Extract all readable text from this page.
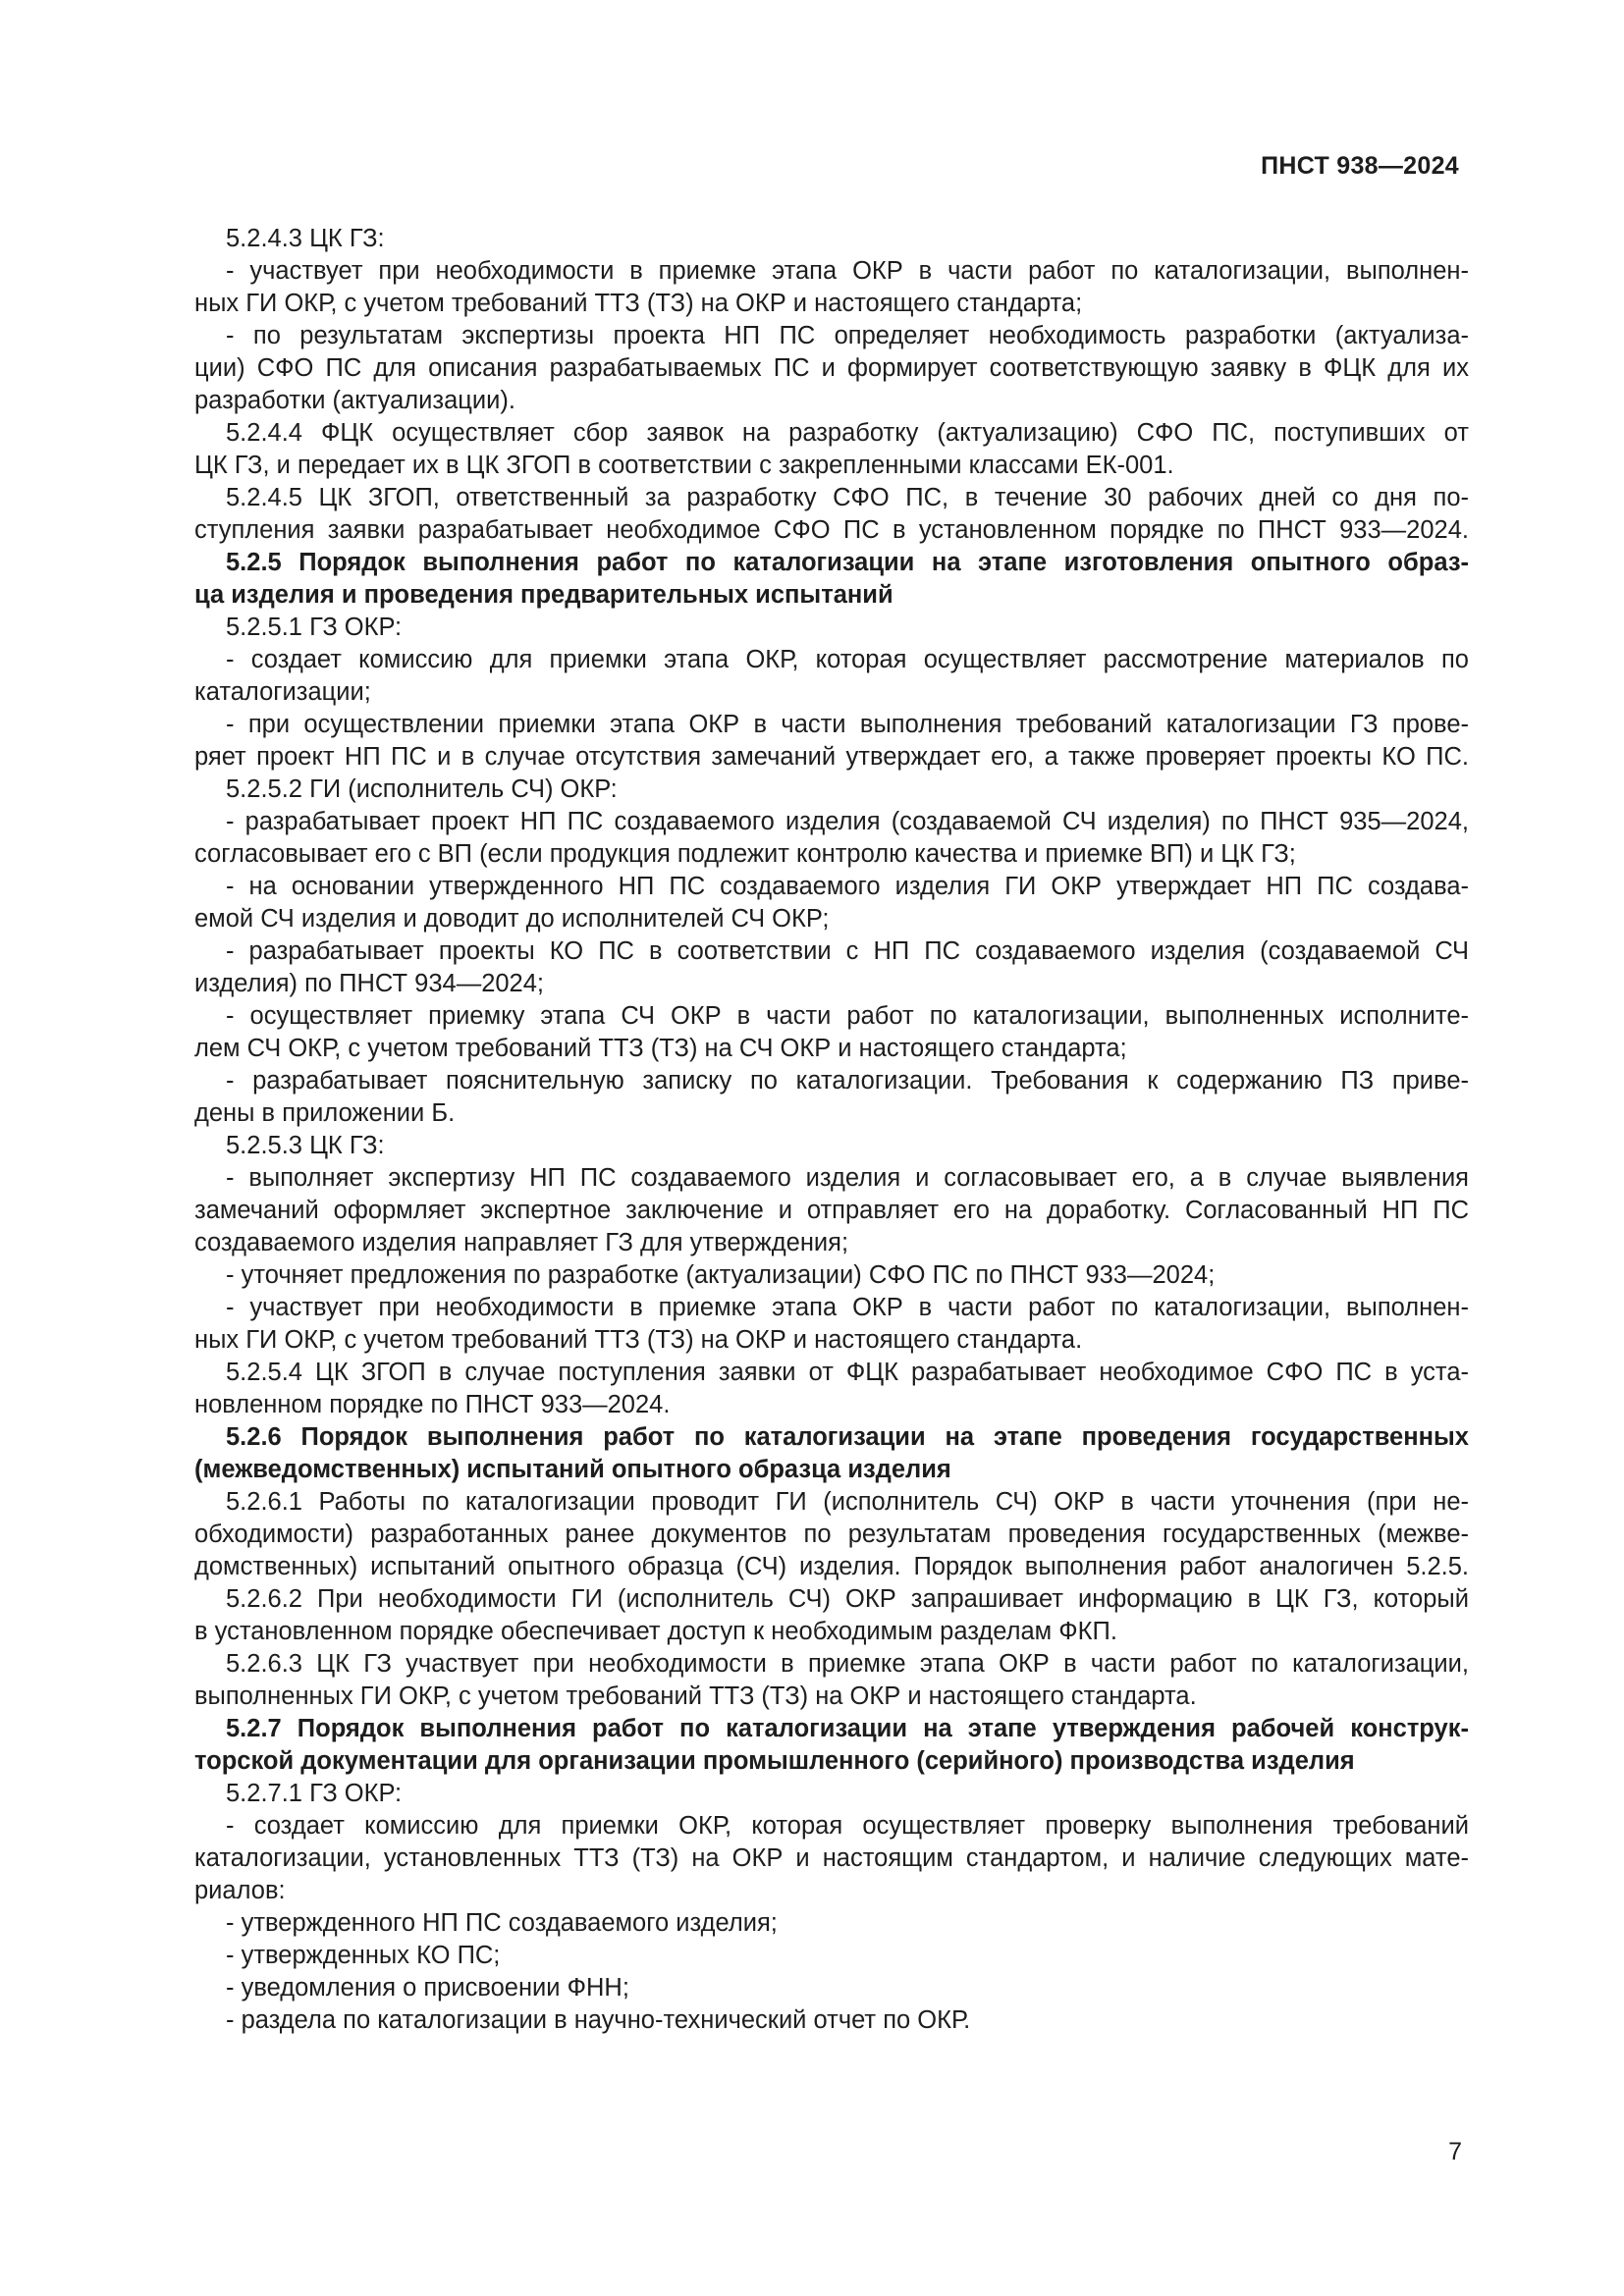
ПНСТ 938—2024
5.2.4.3 ЦК ГЗ:
- участвует при необходимости в приемке этапа ОКР в части работ по каталогизации, выполнен-
ных ГИ ОКР, с учетом требований ТТЗ (ТЗ) на ОКР и настоящего стандарта;
- по результатам экспертизы проекта НП ПС определяет необходимость разработки (актуализа-
ции) СФО ПС для описания разрабатываемых ПС и формирует соответствующую заявку в ФЦК для их
разработки (актуализации).
5.2.4.4 ФЦК осуществляет сбор заявок на разработку (актуализацию) СФО ПС, поступивших от
ЦК ГЗ, и передает их в ЦК ЗГОП в соответствии с закрепленными классами ЕК-001.
5.2.4.5 ЦК ЗГОП, ответственный за разработку СФО ПС, в течение 30 рабочих дней со дня по-
ступления заявки разрабатывает необходимое СФО ПС в установленном порядке по ПНСТ 933—2024.
5.2.5 Порядок выполнения работ по каталогизации на этапе изготовления опытного образ-
ца изделия и проведения предварительных испытаний
5.2.5.1 ГЗ ОКР:
- создает комиссию для приемки этапа ОКР, которая осуществляет рассмотрение материалов по
каталогизации;
- при осуществлении приемки этапа ОКР в части выполнения требований каталогизации ГЗ прове-
ряет проект НП ПС и в случае отсутствия замечаний утверждает его, а также проверяет проекты КО ПС.
5.2.5.2 ГИ (исполнитель СЧ) ОКР:
- разрабатывает проект НП ПС создаваемого изделия (создаваемой СЧ изделия) по ПНСТ 935—2024,
согласовывает его с ВП (если продукция подлежит контролю качества и приемке ВП) и ЦК ГЗ;
- на основании утвержденного НП ПС создаваемого изделия ГИ ОКР утверждает НП ПС создава-
емой СЧ изделия и доводит до исполнителей СЧ ОКР;
- разрабатывает проекты КО ПС в соответствии с НП ПС создаваемого изделия (создаваемой СЧ
изделия) по ПНСТ 934—2024;
- осуществляет приемку этапа СЧ ОКР в части работ по каталогизации, выполненных исполните-
лем СЧ ОКР, с учетом требований ТТЗ (ТЗ) на СЧ ОКР и настоящего стандарта;
- разрабатывает пояснительную записку по каталогизации. Требования к содержанию ПЗ приве-
дены в приложении Б.
5.2.5.3 ЦК ГЗ:
- выполняет экспертизу НП ПС создаваемого изделия и согласовывает его, а в случае выявления
замечаний оформляет экспертное заключение и отправляет его на доработку. Согласованный НП ПС
создаваемого изделия направляет ГЗ для утверждения;
- уточняет предложения по разработке (актуализации) СФО ПС по ПНСТ 933—2024;
- участвует при необходимости в приемке этапа ОКР в части работ по каталогизации, выполнен-
ных ГИ ОКР, с учетом требований ТТЗ (ТЗ) на ОКР и настоящего стандарта.
5.2.5.4 ЦК ЗГОП в случае поступления заявки от ФЦК разрабатывает необходимое СФО ПС в уста-
новленном порядке по ПНСТ 933—2024.
5.2.6 Порядок выполнения работ по каталогизации на этапе проведения государственных
(межведомственных) испытаний опытного образца изделия
5.2.6.1 Работы по каталогизации проводит ГИ (исполнитель СЧ) ОКР в части уточнения (при не-
обходимости) разработанных ранее документов по результатам проведения государственных (межве-
домственных) испытаний опытного образца (СЧ) изделия. Порядок выполнения работ аналогичен 5.2.5.
5.2.6.2 При необходимости ГИ (исполнитель СЧ) ОКР запрашивает информацию в ЦК ГЗ, который
в установленном порядке обеспечивает доступ к необходимым разделам ФКП.
5.2.6.3 ЦК ГЗ участвует при необходимости в приемке этапа ОКР в части работ по каталогизации,
выполненных ГИ ОКР, с учетом требований ТТЗ (ТЗ) на ОКР и настоящего стандарта.
5.2.7 Порядок выполнения работ по каталогизации на этапе утверждения рабочей конструк-
торской документации для организации промышленного (серийного) производства изделия
5.2.7.1 ГЗ ОКР:
- создает комиссию для приемки ОКР, которая осуществляет проверку выполнения требований
каталогизации, установленных ТТЗ (ТЗ) на ОКР и настоящим стандартом, и наличие следующих мате-
риалов:
- утвержденного НП ПС создаваемого изделия;
- утвержденных КО ПС;
- уведомления о присвоении ФНН;
- раздела по каталогизации в научно-технический отчет по ОКР.
7
